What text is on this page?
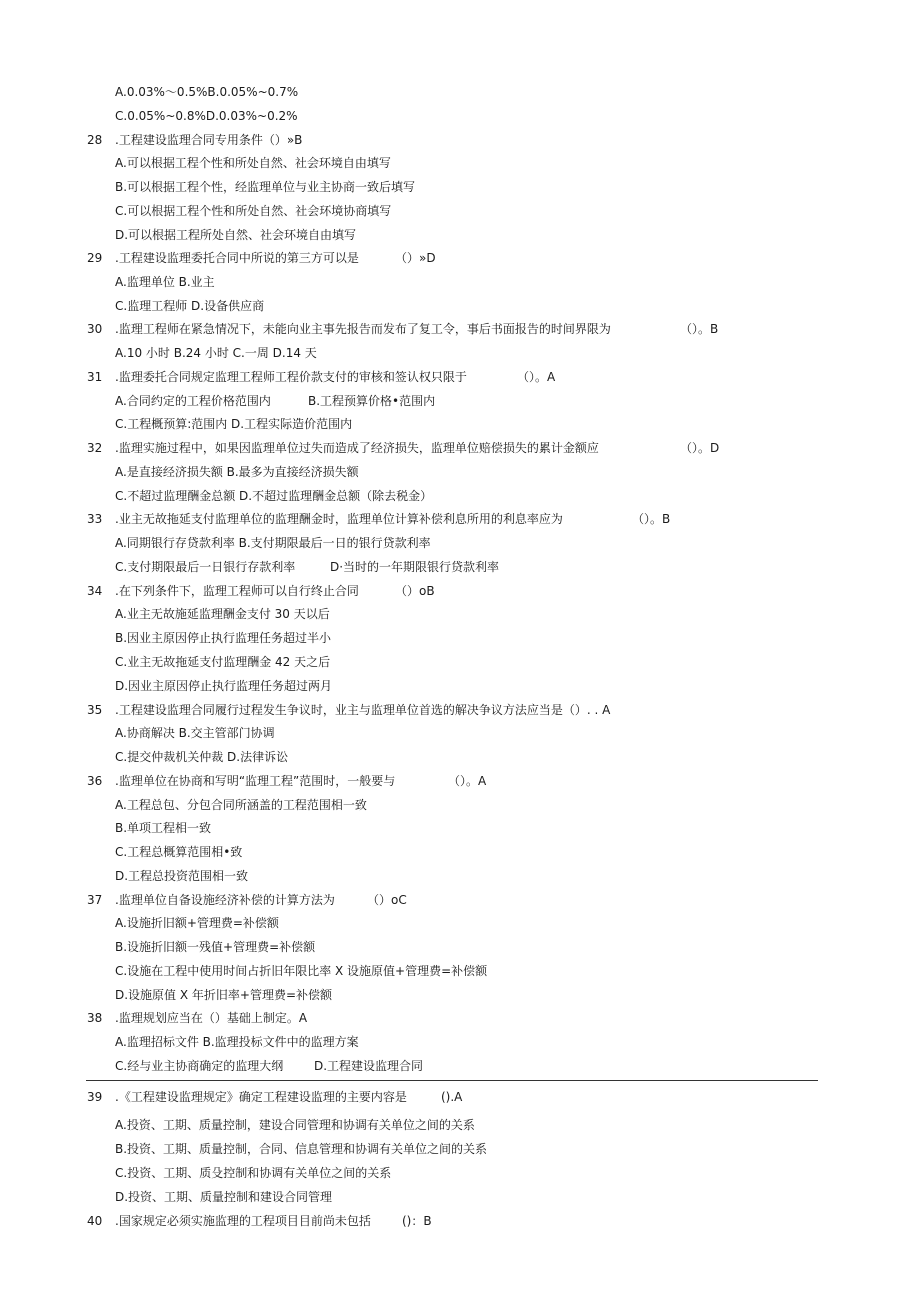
A.0.03%～0.5%B.0.05%~0.7%
C.0.05%~0.8%D.0.03%~0.2%
28 .工程建设监理合同专用条件（）»B
A.可以根据工程个性和所处自然、社会环境自由填写
B.可以根据工程个性，经监理单位与业主协商一致后填写
C.可以根据工程个性和所处自然、社会环境协商填写
D.可以根据工程所处自然、社会环境自由填写
29 .工程建设监理委托合同中所说的第三方可以是	（）»D
A.监理单位 B.业主
C.监理工程师 D.设备供应商
30 .监理工程师在紧急情况下，未能向业主事先报告而发布了复工令，事后书面报告的时间界限为	（）。B
A.10 小时 B.24 小时 C.一周 D.14 天
31 .监理委托合同规定监理工程师工程价款支付的审核和签认权只限于	（）。A
A.合同约定的工程价格范围内	B.工程预算价格•范围内
C.工程概预算:范围内 D.工程实际造价范围内
32 .监理实施过程中，如果因监理单位过失而造成了经济损失，监理单位赔偿损失的累计金额应	（）。D
A.是直接经济损失额 B.最多为直接经济损失额
C.不超过监理酬金总额 D.不超过监理酬金总额（除去税金）
33 .业主无故拖延支付监理单位的监理酬金时，监理单位计算补偿利息所用的利息率应为	（）。B
A.同期银行存贷款利率 B.支付期限最后一日的银行贷款利率
C.支付期限最后一日银行存款利率	D·当时的一年期限银行贷款利率
34 .在下列条件下，监理工程师可以自行终止合同	（）oB
A.业主无故施延监理酬金支付 30 天以后
B.因业主原因停止执行监理任务超过半小
C.业主无故拖延支付监理酬金 42 天之后
D.因业主原因停止执行监理任务超过两月
35 .工程建设监理合同履行过程发生争议时，业主与监理单位首选的解决争议方法应当是（）. . A
A.协商解决 B.交主管部门协调
C.提交仲裁机关仲裁 D.法律诉讼
36 .监理单位在协商和写明“监理工程”范围时，一般要与	（）。A
A.工程总包、分包合同所涵盖的工程范围相一致
B.单项工程相一致
C.工程总概算范围相•致
D.工程总投资范围相一致
37 .监理单位自备设施经济补偿的计算方法为	（）oC
A.设施折旧额+管理费=补偿额
B.设施折旧额一残值+管理费=补偿额
C.设施在工程中使用时间占折旧年限比率 X 设施原值+管理费=补偿额
D.设施原值 X 年折旧率+管理费=补偿额
38 .监理规划应当在（）基础上制定。A
A.监理招标文件 B.监理投标文件中的监理方案
C.经与业主协商确定的监理大纲	D.工程建设监理合同
39 .《工程建设监理规定》确定工程建设监理的主要内容是	().A
A.投资、工期、质量控制，建设合同管理和协调有关单位之间的关系
B.投资、工期、质量控制，合同、信息管理和协调有关单位之间的关系
C.投资、工期、质殳控制和协调有关单位之间的关系
D.投资、工期、质量控制和建设合同管理
40 .国家规定必须实施监理的工程项目目前尚未包括	()：B
